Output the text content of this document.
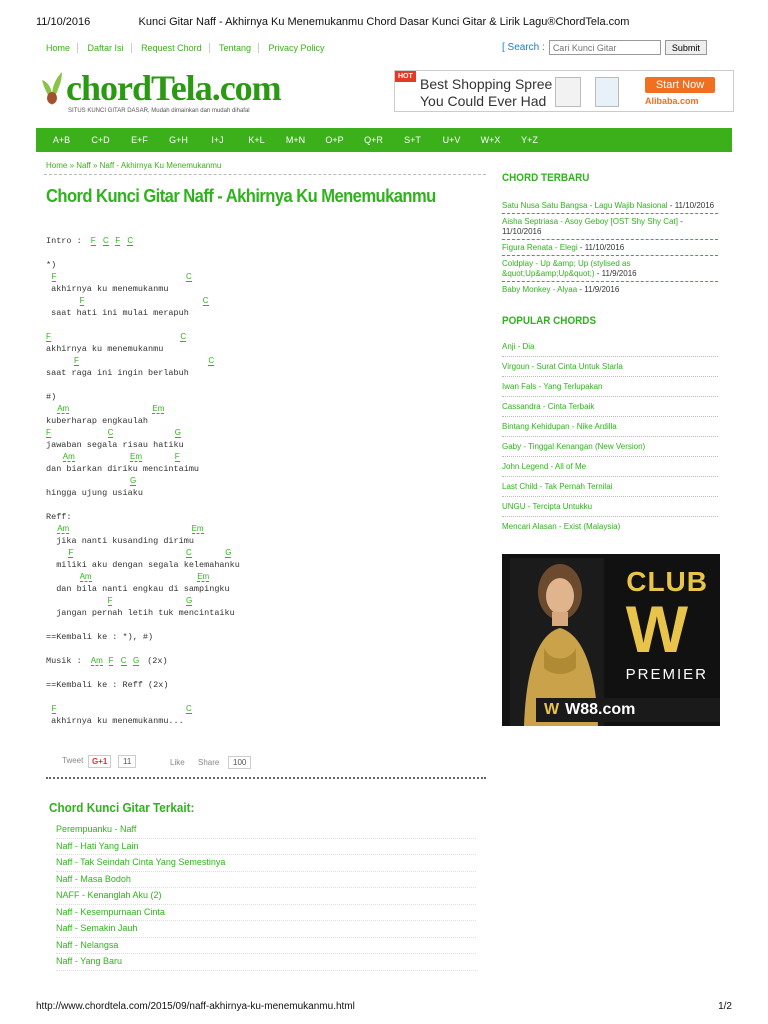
11/10/2016	Kunci Gitar Naff - Akhirnya Ku Menemukanmu Chord Dasar Kunci Gitar & Lirik Lagu®ChordTela.com
Home Daftar Isi Request Chord Tentang Privacy Policy	[ Search :
Cari Kunci Gitar	Submit
chordTela.com
SITUS KUNCI GITAR DASAR, Mudah dimainkan dan mudah dihafal
HOT Best Shopping Spree
You Could Ever Had
Start Now
Alibaba.com
A+B C+D E+F G+H	I+J	K+L M+N O+P Q+R S+T U+V W+X Y+Z
Home » Naff » Naff - Akhirnya Ku Menemukanmu
Chord Kunci Gitar Naff - Akhirnya Ku Menemukanmu
Intro : F C F C
*)
F	C
akhirnya ku menemukanmu
F	C
saat hati ini mulai merapuh
F	C
akhirnya ku menemukanmu
F	C
saat raga ini ingin berlabuh
#)
Am	Em
kuberharap engkaulah
F	C	G
jawaban segala risau hatiku
Am	Em	F
dan biarkan diriku mencintaimu
G
hingga ujung usiaku
Reff:
Am	Em
jika nanti kusanding dirimu
F	C	G
miliki aku dengan segala kelemahanku
Am	Em
dan bila nanti engkau di sampingku
F	G
jangan pernah letih tuk mencintaiku
==Kembali ke : *), #)
Musik : Am F C G (2x)
==Kembali ke : Reff (2x)
F	C
akhirnya ku menemukanmu...
Tweet	G+1	11	Like Share	100
Chord Kunci Gitar Terkait:
Perempuanku - Naff
Naff - Hati Yang Lain
Naff - Tak Seindah Cinta Yang Semestinya
Naff - Masa Bodoh
NAFF - Kenanglah Aku (2)
Naff - Kesempurnaan Cinta
Naff - Semakin Jauh
Naff - Nelangsa
Naff - Yang Baru
CHORD TERBARU
Satu Nusa Satu Bangsa - Lagu Wajib Nasional - 11/10/2016
Aisha Septriasa - Asoy Geboy [OST Shy Shy Cat] - 11/10/2016
Figura Renata - Elegi - 11/10/2016
Coldplay - Up &amp; Up (stylised as &quot;Up&amp;Up&quot;) - 11/9/2016
Baby Monkey - Alyaa - 11/9/2016
POPULAR CHORDS
Anji - Dia
Virgoun - Surat Cinta Untuk Starla
Iwan Fals - Yang Terlupakan
Cassandra - Cinta Terbaik
Bintang Kehidupan - Nike Ardilla
Gaby - Tinggal Kenangan (New Version)
John Legend - All of Me
Last Child - Tak Pernah Ternilai
UNGU - Tercipta Untukku
Mencari Alasan - Exist (Malaysia)
CLUB
W
PREMIER
W W88.com
http://www.chordtela.com/2015/09/naff-akhirnya-ku-menemukanmu.html	1/2
